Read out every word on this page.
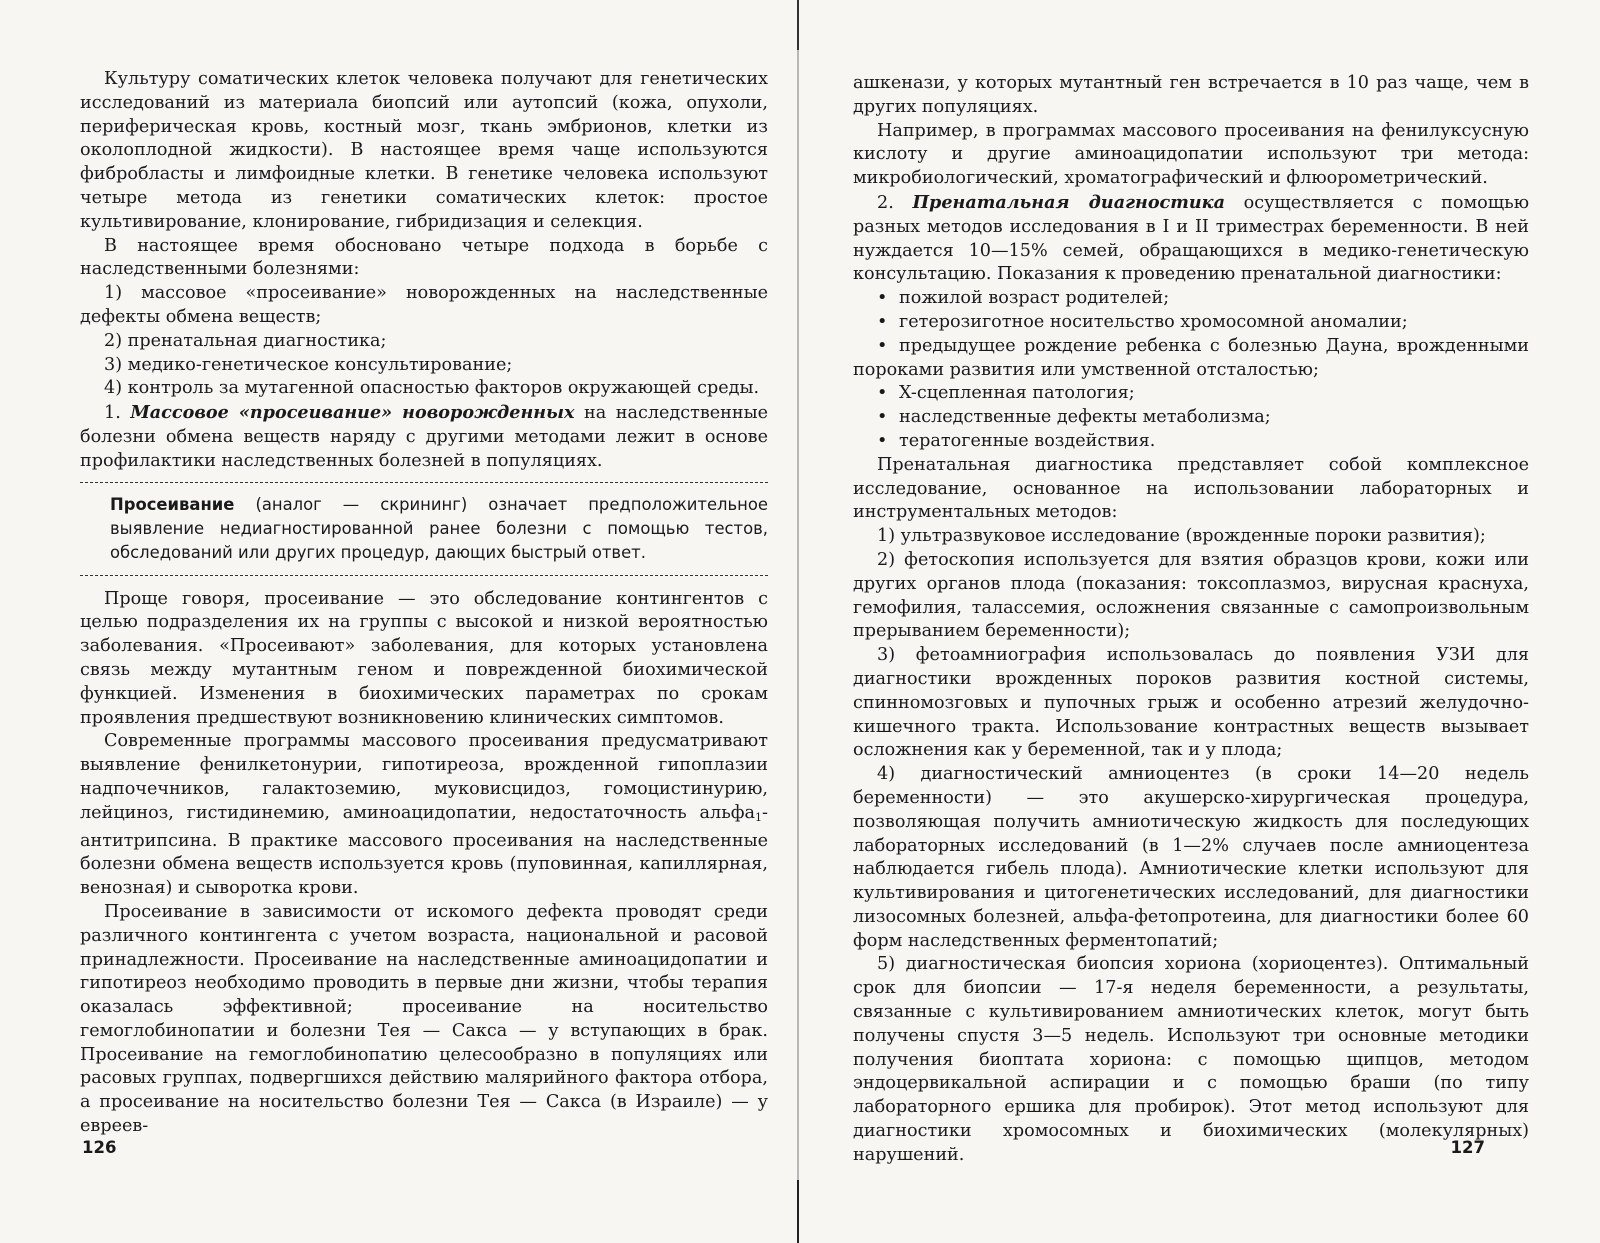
Культуру соматических клеток человека получают для генетических исследований из материала биопсий или аутопсий (кожа, опухоли, периферическая кровь, костный мозг, ткань эмбрионов, клетки из околоплодной жидкости). В настоящее время чаще используются фибробласты и лимфоидные клетки. В генетике человека используют четыре метода из генетики соматических клеток: простое культивирование, клонирование, гибридизация и селекция.

В настоящее время обосновано четыре подхода в борьбе с наследственными болезнями:

1) массовое «просеивание» новорожденных на наследственные дефекты обмена веществ;

2) пренатальная диагностика;

3) медико-генетическое консультирование;

4) контроль за мутагенной опасностью факторов окружающей среды.

1. Массовое «просеивание» новорожденных на наследственные болезни обмена веществ наряду с другими методами лежит в основе профилактики наследственных болезней в популяциях.

Просеивание (аналог — скрининг) означает предположительное выявление недиагностированной ранее болезни с помощью тестов, обследований или других процедур, дающих быстрый ответ.

Проще говоря, просеивание — это обследование контингентов с целью подразделения их на группы с высокой и низкой вероятностью заболевания. «Просеивают» заболевания, для которых установлена связь между мутантным геном и поврежденной биохимической функцией. Изменения в биохимических параметрах по срокам проявления предшествуют возникновению клинических симптомов.

Современные программы массового просеивания предусматривают выявление фенилкетонурии, гипотиреоза, врожденной гипоплазии надпочечников, галактоземию, муковисцидоз, гомоцистинурию, лейциноз, гистидинемию, аминоацидопатии, недостаточность альфа$_1$-антитрипсина. В практике массового просеивания на наследственные болезни обмена веществ используется кровь (пуповинная, капиллярная, венозная) и сыворотка крови.

Просеивание в зависимости от искомого дефекта проводят среди различного контингента с учетом возраста, национальной и расовой принадлежности. Просеивание на наследственные аминоацидопатии и гипотиреоз необходимо проводить в первые дни жизни, чтобы терапия оказалась эффективной; просеивание на носительство гемоглобинопатии и болезни Тея — Сакса — у вступающих в брак. Просеивание на гемоглобинопатию целесообразно в популяциях или расовых группах, подвергшихся действию малярийного фактора отбора, а просеивание на носительство болезни Тея — Сакса (в Израиле) — у евреев-

126

ашкенази, у которых мутантный ген встречается в 10 раз чаще, чем в других популяциях.

Например, в программах массового просеивания на фенилуксусную кислоту и другие аминоацидопатии используют три метода: микробиологический, хроматографический и флюорометрический.

2. Пренатальная диагностика осуществляется с помощью разных методов исследования в I и II триместрах беременности. В ней нуждается 10—15% семей, обращающихся в медико-генетическую консультацию. Показания к проведению пренатальной диагностики:

• пожилой возраст родителей;
• гетерозиготное носительство хромосомной аномалии;
• предыдущее рождение ребенка с болезнью Дауна, врожденными пороками развития или умственной отсталостью;
• X-сцепленная патология;
• наследственные дефекты метаболизма;
• тератогенные воздействия.

Пренатальная диагностика представляет собой комплексное исследование, основанное на использовании лабораторных и инструментальных методов:

1) ультразвуковое исследование (врожденные пороки развития);

2) фетоскопия используется для взятия образцов крови, кожи или других органов плода (показания: токсоплазмоз, вирусная краснуха, гемофилия, талассемия, осложнения связанные с самопроизвольным прерыванием беременности);

3) фетоамниография использовалась до появления УЗИ для диагностики врожденных пороков развития костной системы, спинномозговых и пупочных грыж и особенно атрезий желудочно-кишечного тракта. Использование контрастных веществ вызывает осложнения как у беременной, так и у плода;

4) диагностический амниоцентез (в сроки 14—20 недель беременности) — это акушерско-хирургическая процедура, позволяющая получить амниотическую жидкость для последующих лабораторных исследований (в 1—2% случаев после амниоцентеза наблюдается гибель плода). Амниотические клетки используют для культивирования и цитогенетических исследований, для диагностики лизосомных болезней, альфа-фетопротеина, для диагностики более 60 форм наследственных ферментопатий;

5) диагностическая биопсия хориона (хориоцентез). Оптимальный срок для биопсии — 17-я неделя беременности, а результаты, связанные с культивированием амниотических клеток, могут быть получены спустя 3—5 недель. Используют три основные методики получения биоптата хориона: с помощью щипцов, методом эндоцервикальной аспирации и с помощью браши (по типу лабораторного ершика для пробирок). Этот метод используют для диагностики хромосомных и биохимических (молекулярных) нарушений.	127
